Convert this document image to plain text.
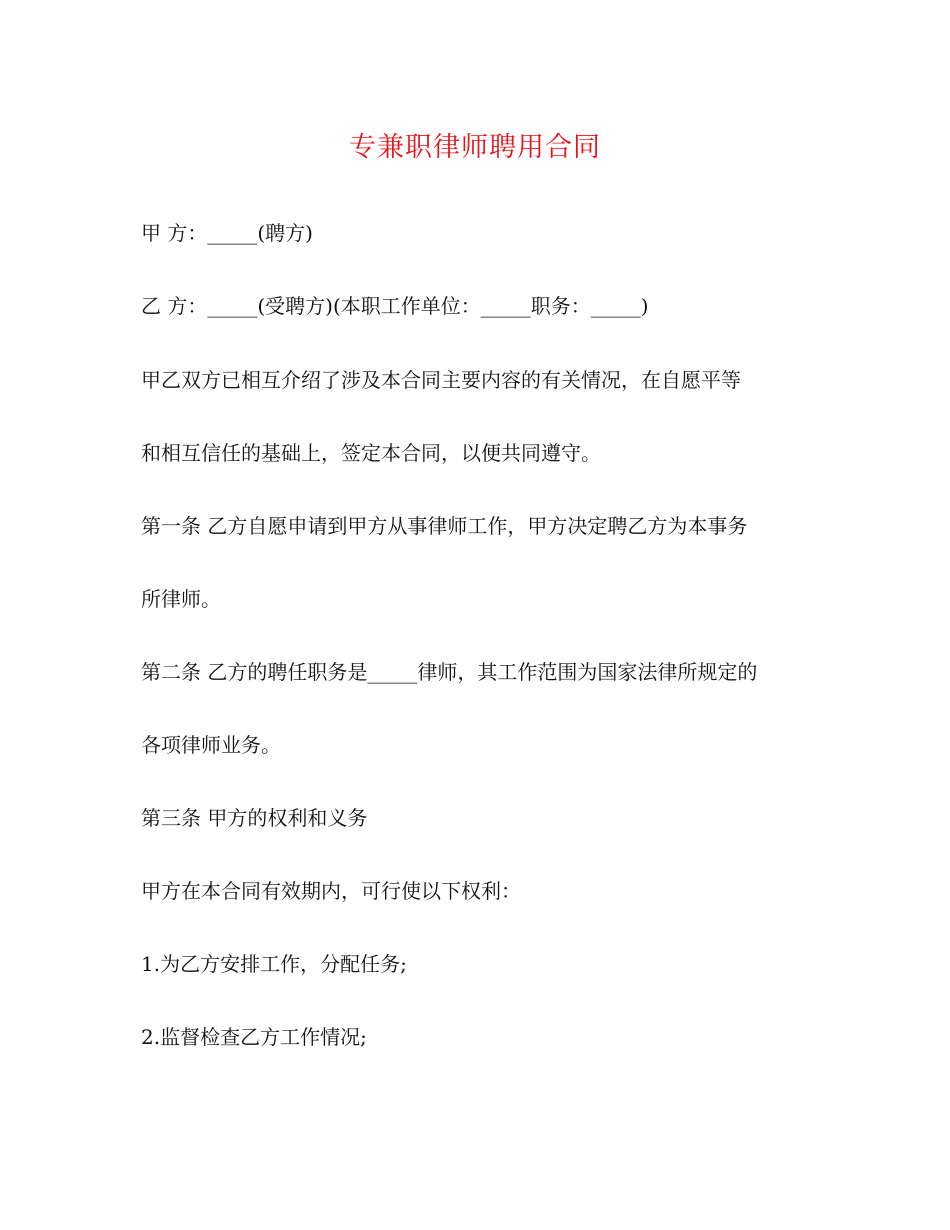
专兼职律师聘用合同
甲 方：_____(聘方)
乙 方：_____(受聘方)(本职工作单位：_____职务：_____)
甲乙双方已相互介绍了涉及本合同主要内容的有关情况，在自愿平等
和相互信任的基础上，签定本合同，以便共同遵守。
第一条 乙方自愿申请到甲方从事律师工作，甲方决定聘乙方为本事务
所律师。
第二条 乙方的聘任职务是_____律师，其工作范围为国家法律所规定的
各项律师业务。
第三条 甲方的权利和义务
甲方在本合同有效期内，可行使以下权利：
1.为乙方安排工作，分配任务;
2.监督检查乙方工作情况;
